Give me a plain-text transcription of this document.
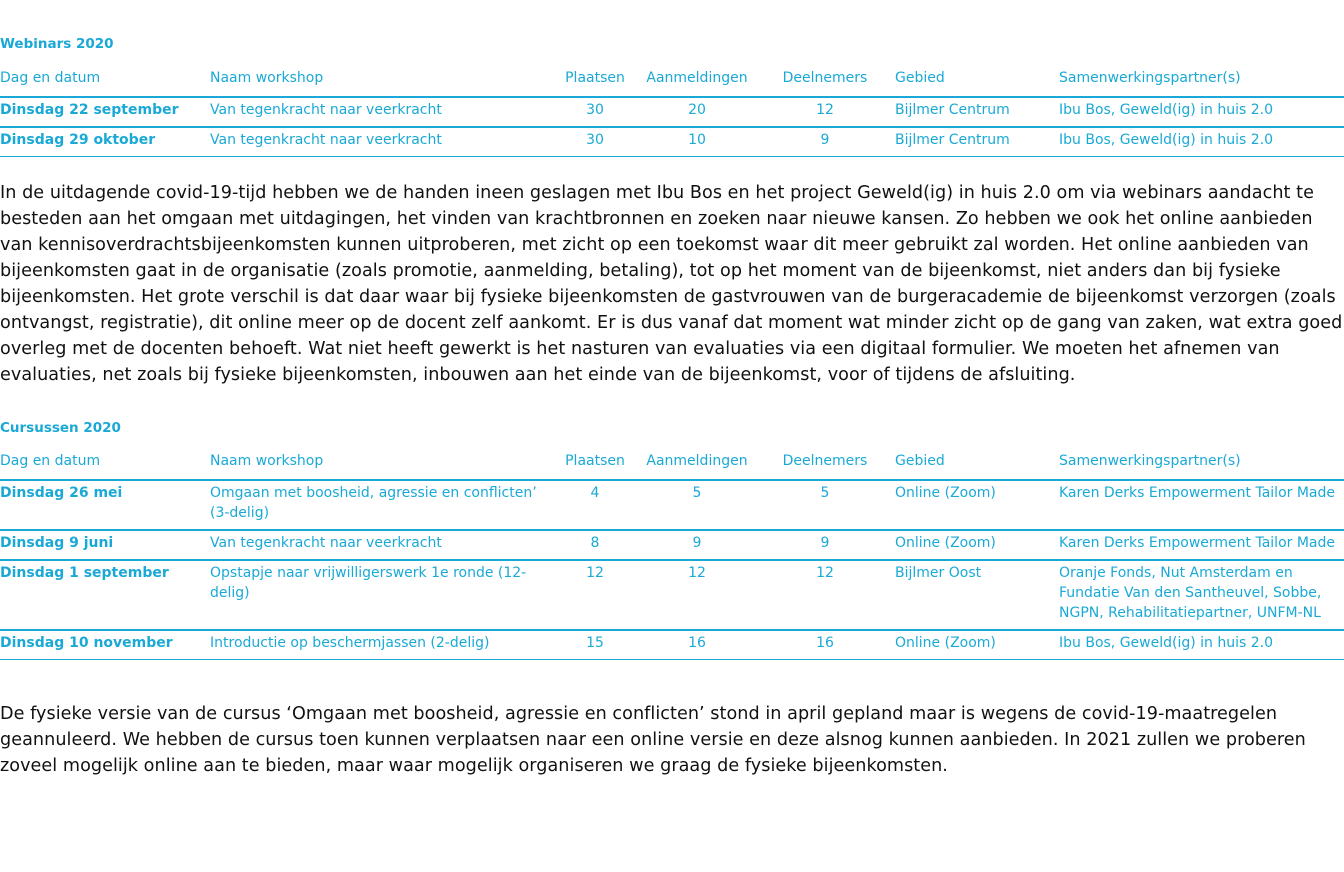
Webinars 2020
Dag en datum	Naam workshop	Plaatsen	Aanmeldingen	Deelnemers	Gebied	Samenwerkingspartner(s)
Dinsdag 22 september	Van tegenkracht naar veerkracht	30	20	12	Bijlmer Centrum	Ibu Bos, Geweld(ig) in huis 2.0
Dinsdag 29 oktober	Van tegenkracht naar veerkracht	30	10	9	Bijlmer Centrum	Ibu Bos, Geweld(ig) in huis 2.0

In de uitdagende covid-19-tijd hebben we de handen ineen geslagen met Ibu Bos en het project Geweld(ig) in huis 2.0 om via webinars aandacht te besteden aan het omgaan met uitdagingen, het vinden van krachtbronnen en zoeken naar nieuwe kansen. Zo hebben we ook het online aanbieden van kennisoverdrachtsbijeenkomsten kunnen uitproberen, met zicht op een toekomst waar dit meer gebruikt zal worden. Het online aanbieden van bijeenkomsten gaat in de organisatie (zoals promotie, aanmelding, betaling), tot op het moment van de bijeenkomst, niet anders dan bij fysieke bijeenkomsten. Het grote verschil is dat daar waar bij fysieke bijeenkomsten de gastvrouwen van de burgeracademie de bijeenkomst verzorgen (zoals ontvangst, registratie), dit online meer op de docent zelf aankomt. Er is dus vanaf dat moment wat minder zicht op de gang van zaken, wat extra goed overleg met de docenten behoeft. Wat niet heeft gewerkt is het nasturen van evaluaties via een digitaal formulier. We moeten het afnemen van evaluaties, net zoals bij fysieke bijeenkomsten, inbouwen aan het einde van de bijeenkomst, voor of tijdens de afsluiting.

Cursussen 2020
Dag en datum	Naam workshop	Plaatsen	Aanmeldingen	Deelnemers	Gebied	Samenwerkingspartner(s)
Dinsdag 26 mei	Omgaan met boosheid, agressie en conflicten’ (3-delig)	4	5	5	Online (Zoom)	Karen Derks Empowerment Tailor Made
Dinsdag 9 juni	Van tegenkracht naar veerkracht	8	9	9	Online (Zoom)	Karen Derks Empowerment Tailor Made
Dinsdag 1 september	Opstapje naar vrijwilligerswerk 1e ronde (12-delig)	12	12	12	Bijlmer Oost	Oranje Fonds, Nut Amsterdam en Fundatie Van den Santheuvel, Sobbe, NGPN, Rehabilitatiepartner, UNFM-NL
Dinsdag 10 november	Introductie op beschermjassen (2-delig)	15	16	16	Online (Zoom)	Ibu Bos, Geweld(ig) in huis 2.0

De fysieke versie van de cursus ‘Omgaan met boosheid, agressie en conflicten’ stond in april gepland maar is wegens de covid-19-maatregelen geannuleerd. We hebben de cursus toen kunnen verplaatsen naar een online versie en deze alsnog kunnen aanbieden. In 2021 zullen we proberen zoveel mogelijk online aan te bieden, maar waar mogelijk organiseren we graag de fysieke bijeenkomsten.
